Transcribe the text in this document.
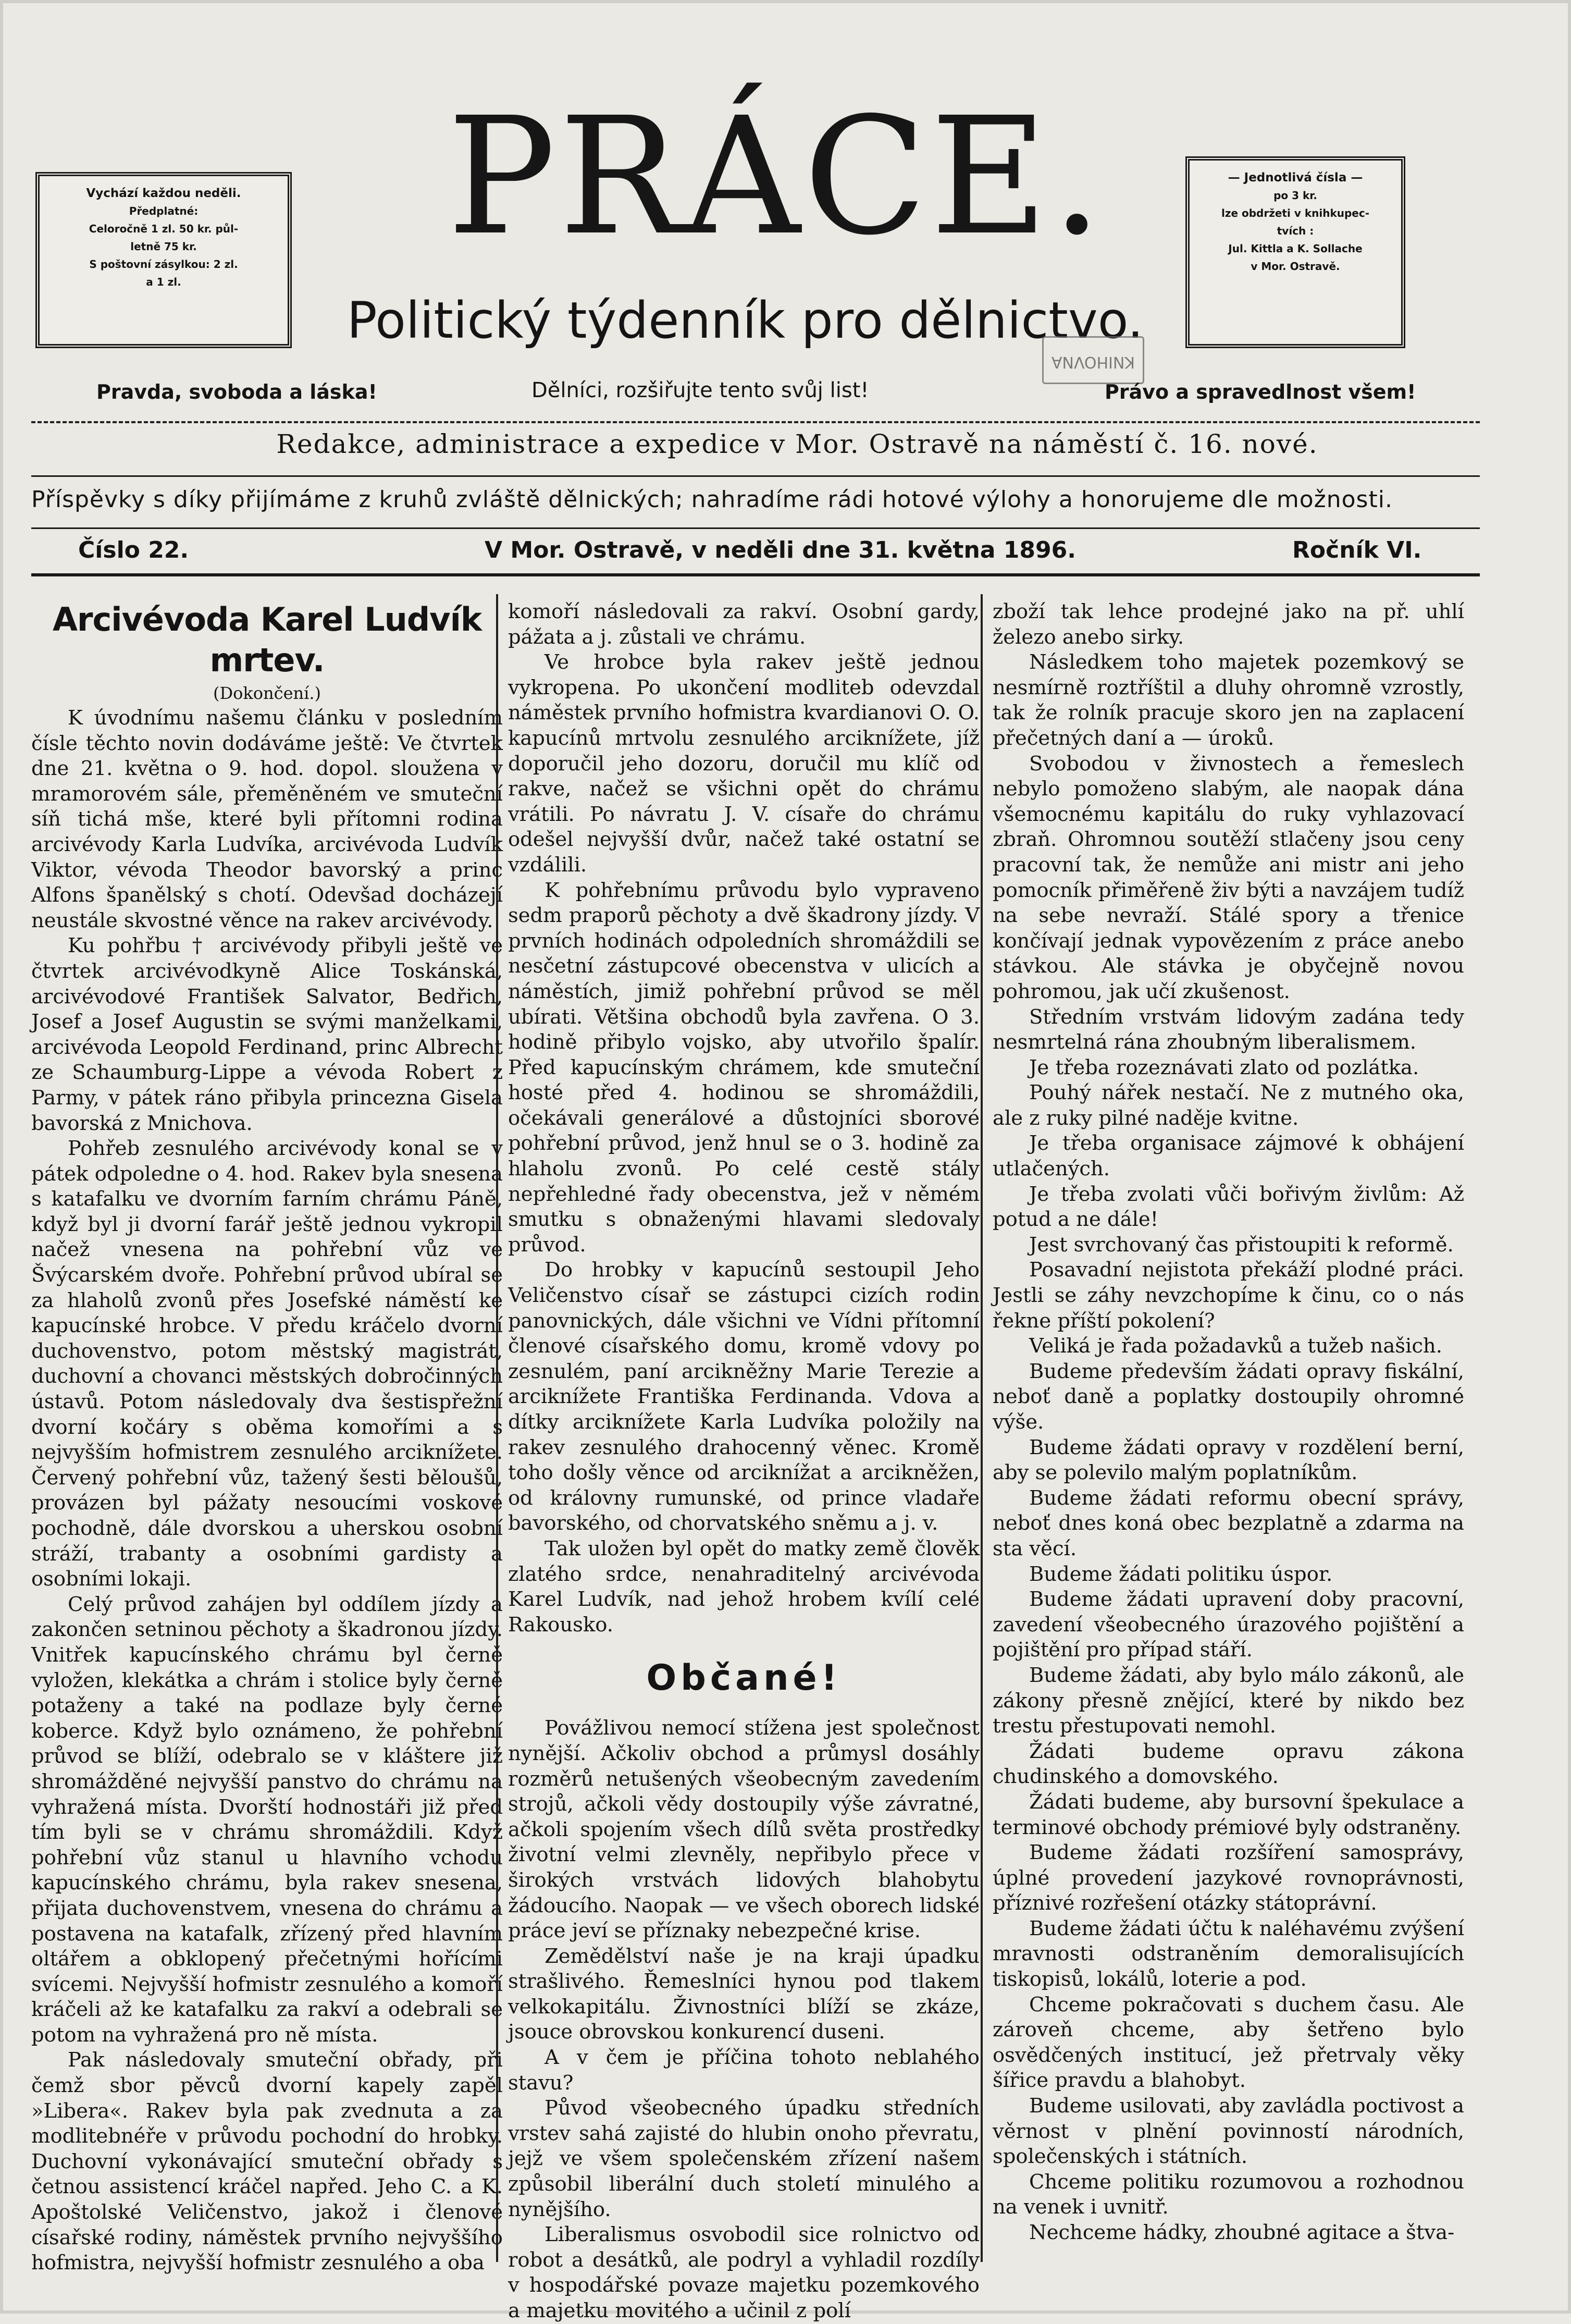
Vychází každou neděli.
Předplatné:
Celoročně 1 zl. 50 kr. půl-
letně 75 kr.
S poštovní zásylkou: 2 zl.
a 1 zl.
PRÁCE.
Politický týdenník pro dělnictvo.
— Jednotlivá čísla —
po 3 kr.
lze obdržeti v knihkupec-
tvích :
Jul. Kittla a K. Sollache
v Mor. Ostravě.
KNIHOVNA
Pravda, svoboda a láska!	Dělníci, rozšiřujte tento svůj list!	Právo a spravedlnost všem!
Redakce, administrace a expedice v Mor. Ostravě na náměstí č. 16. nové.
Příspěvky s díky přijímáme z kruhů zvláště dělnických; nahradíme rádi hotové výlohy a honorujeme dle možnosti.
Číslo 22.	V Mor. Ostravě, v neděli dne 31. května 1896.	Ročník VI.

Arcivévoda Karel Ludvík mrtev.

(Dokončení.)

K úvodnímu našemu článku v posledním čísle těchto novin dodáváme ještě: Ve čtvrtek dne 21. května o 9. hod. dopol. sloužena v mramorovém sále, přeměněném ve smuteční síň tichá mše, které byli přítomni rodina arcivévody Karla Ludvíka, arcivévoda Ludvík Viktor, vévoda Theodor bavorský a princ Alfons španělský s chotí. Odevšad docházejí neustále skvostné věnce na rakev arcivévody.

Ku pohřbu † arcivévody přibyli ještě ve čtvrtek arcivévodkyně Alice Toskánská, arcivévodové František Salvator, Bedřich, Josef a Josef Augustin se svými manželkami, arcivévoda Leopold Ferdinand, princ Albrecht ze Schaumburg-Lippe a vévoda Robert z Parmy, v pátek ráno přibyla princezna Gisela bavorská z Mnichova.

Pohřeb zesnulého arcivévody konal se v pátek odpoledne o 4. hod. Rakev byla snesena s katafalku ve dvorním farním chrámu Páně, když byl ji dvorní farář ještě jednou vykropil načež vnesena na pohřební vůz ve Švýcarském dvoře. Pohřební průvod ubíral se za hlaholů zvonů přes Josefské náměstí ke kapucínské hrobce. V předu kráčelo dvorní duchovenstvo, potom městský magistrát, duchovní a chovanci městských dobročinných ústavů. Potom následovaly dva šestispřežní dvorní kočáry s oběma komořími a s nejvyšším hofmistrem zesnulého arciknížete. Červený pohřební vůz, tažený šesti běloušů, provázen byl pážaty nesoucími voskové pochodně, dále dvorskou a uherskou osobní stráží, trabanty a osobními gardisty a osobními lokaji.

Celý průvod zahájen byl oddílem jízdy a zakončen setninou pěchoty a škadronou jízdy. Vnitřek kapucínského chrámu byl černě vyložen, klekátka a chrám i stolice byly černě potaženy a také na podlaze byly černé koberce. Když bylo oznámeno, že pohřební průvod se blíží, odebralo se v kláštere již shromážděné nejvyšší panstvo do chrámu na vyhražená místa. Dvorští hodnostáři již před tím byli se v chrámu shromáždili. Když pohřební vůz stanul u hlavního vchodu kapucínského chrámu, byla rakev snesena, přijata duchovenstvem, vnesena do chrámu a postavena na katafalk, zřízený před hlavním oltářem a obklopený přečetnými hořícími svícemi. Nejvyšší hofmistr zesnulého a komoří kráčeli až ke katafalku za rakví a odebrali se potom na vyhražená pro ně místa.

Pak následovaly smuteční obřady, při čemž sbor pěvců dvorní kapely zapěl »Libera«. Rakev byla pak zvednuta a za modlitebnéře v průvodu pochodní do hrobky. Duchovní vykonávající smuteční obřady s četnou assistencí kráčel napřed. Jeho C. a K. Apoštolské Veličenstvo, jakož i členové císařské rodiny, náměstek prvního nejvyššího hofmistra, nejvyšší hofmistr zesnulého a oba

komoří následovali za rakví. Osobní gardy, pážata a j. zůstali ve chrámu.

Ve hrobce byla rakev ještě jednou vykropena. Po ukončení modliteb odevzdal náměstek prvního hofmistra kvardianovi O. O. kapucínů mrtvolu zesnulého arciknížete, jíž doporučil jeho dozoru, doručil mu klíč od rakve, načež se všichni opět do chrámu vrátili. Po návratu J. V. císaře do chrámu odešel nejvyšší dvůr, načež také ostatní se vzdálili.

K pohřebnímu průvodu bylo vypraveno sedm praporů pěchoty a dvě škadrony jízdy. V prvních hodinách odpoledních shromáždili se nesčetní zástupcové obecenstva v ulicích a náměstích, jimiž pohřební průvod se měl ubírati. Většina obchodů byla zavřena. O 3. hodině přibylo vojsko, aby utvořilo špalír. Před kapucínským chrámem, kde smuteční hosté před 4. hodinou se shromáždili, očekávali generálové a důstojníci sborové pohřební průvod, jenž hnul se o 3. hodině za hlaholu zvonů. Po celé cestě stály nepřehledné řady obecenstva, jež v němém smutku s obnaženými hlavami sledovaly průvod.

Do hrobky v kapucínů sestoupil Jeho Veličenstvo císař se zástupci cizích rodin panovnických, dále všichni ve Vídni přítomní členové císařského domu, kromě vdovy po zesnulém, paní arcikněžny Marie Terezie a arciknížete Františka Ferdinanda. Vdova a dítky arciknížete Karla Ludvíka položily na rakev zesnulého drahocenný věnec. Kromě toho došly věnce od arciknížat a arcikněžen, od královny rumunské, od prince vladaře bavorského, od chorvatského sněmu a j. v.

Tak uložen byl opět do matky země člověk zlatého srdce, nenahraditelný arcivévoda Karel Ludvík, nad jehož hrobem kvílí celé Rakousko.

Občané!

Povážlivou nemocí stížena jest společnost nynější. Ačkoliv obchod a průmysl dosáhly rozměrů netušených všeobecným zavedením strojů, ačkoli vědy dostoupily výše závratné, ačkoli spojením všech dílů světa prostředky životní velmi zlevněly, nepřibylo přece v širokých vrstvách lidových blahobytu žádoucího. Naopak — ve všech oborech lidské práce jeví se příznaky nebezpečné krise.

Zemědělství naše je na kraji úpadku strašlivého. Řemeslníci hynou pod tlakem velkokapitálu. Živnostníci blíží se zkáze, jsouce obrovskou konkurencí duseni.

A v čem je příčina tohoto neblahého stavu?

Původ všeobecného úpadku středních vrstev sahá zajisté do hlubin onoho převratu, jejž ve všem společenském zřízení našem způsobil liberální duch století minulého a nynějšího.

Liberalismus osvobodil sice rolnictvo od robot a desátků, ale podryl a vyhladil rozdíly v hospodářské povaze majetku pozemkového a majetku movitého a učinil z polí

zboží tak lehce prodejné jako na př. uhlí železo anebo sirky.

Následkem toho majetek pozemkový se nesmírně roztříštil a dluhy ohromně vzrostly, tak že rolník pracuje skoro jen na zaplacení přečetných daní a — úroků.

Svobodou v živnostech a řemeslech nebylo pomoženo slabým, ale naopak dána všemocnému kapitálu do ruky vyhlazovací zbraň. Ohromnou soutěží stlačeny jsou ceny pracovní tak, že nemůže ani mistr ani jeho pomocník přiměřeně živ býti a navzájem tudíž na sebe nevraží. Stálé spory a třenice končívají jednak vypovězením z práce anebo stávkou. Ale stávka je obyčejně novou pohromou, jak učí zkušenost.

Středním vrstvám lidovým zadána tedy nesmrtelná rána zhoubným liberalismem.

Je třeba rozeznávati zlato od pozlátka.

Pouhý nářek nestačí. Ne z mutného oka, ale z ruky pilné naděje kvitne.

Je třeba organisace zájmové k obhájení utlačených.

Je třeba zvolati vůči bořivým živlům: Až potud a ne dále!

Jest svrchovaný čas přistoupiti k reformě.

Posavadní nejistota překáží plodné práci. Jestli se záhy nevzchopíme k činu, co o nás řekne příští pokolení?

Veliká je řada požadavků a tužeb našich.

Budeme především žádati opravy fiskální, neboť daně a poplatky dostoupily ohromné výše.

Budeme žádati opravy v rozdělení berní, aby se polevilo malým poplatníkům.

Budeme žádati reformu obecní správy, neboť dnes koná obec bezplatně a zdarma na sta věcí.

Budeme žádati politiku úspor.

Budeme žádati upravení doby pracovní, zavedení všeobecného úrazového pojištění a pojištění pro případ stáří.

Budeme žádati, aby bylo málo zákonů, ale zákony přesně znějící, které by nikdo bez trestu přestupovati nemohl.

Žádati budeme opravu zákona chudinského a domovského.

Žádati budeme, aby bursovní špekulace a terminové obchody prémiové byly odstraněny.

Budeme žádati rozšíření samosprávy, úplné provedení jazykové rovnoprávnosti, příznivé rozřešení otázky státoprávní.

Budeme žádati účtu k naléhavému zvýšení mravnosti odstraněním demoralisujících tiskopisů, lokálů, loterie a pod.

Chceme pokračovati s duchem času. Ale zároveň chceme, aby šetřeno bylo osvědčených institucí, jež přetrvaly věky šířice pravdu a blahobyt.

Budeme usilovati, aby zavládla poctivost a věrnost v plnění povinností národních, společenských i státních.

Chceme politiku rozumovou a rozhodnou na venek i uvnitř.

Nechceme hádky, zhoubné agitace a štva-
